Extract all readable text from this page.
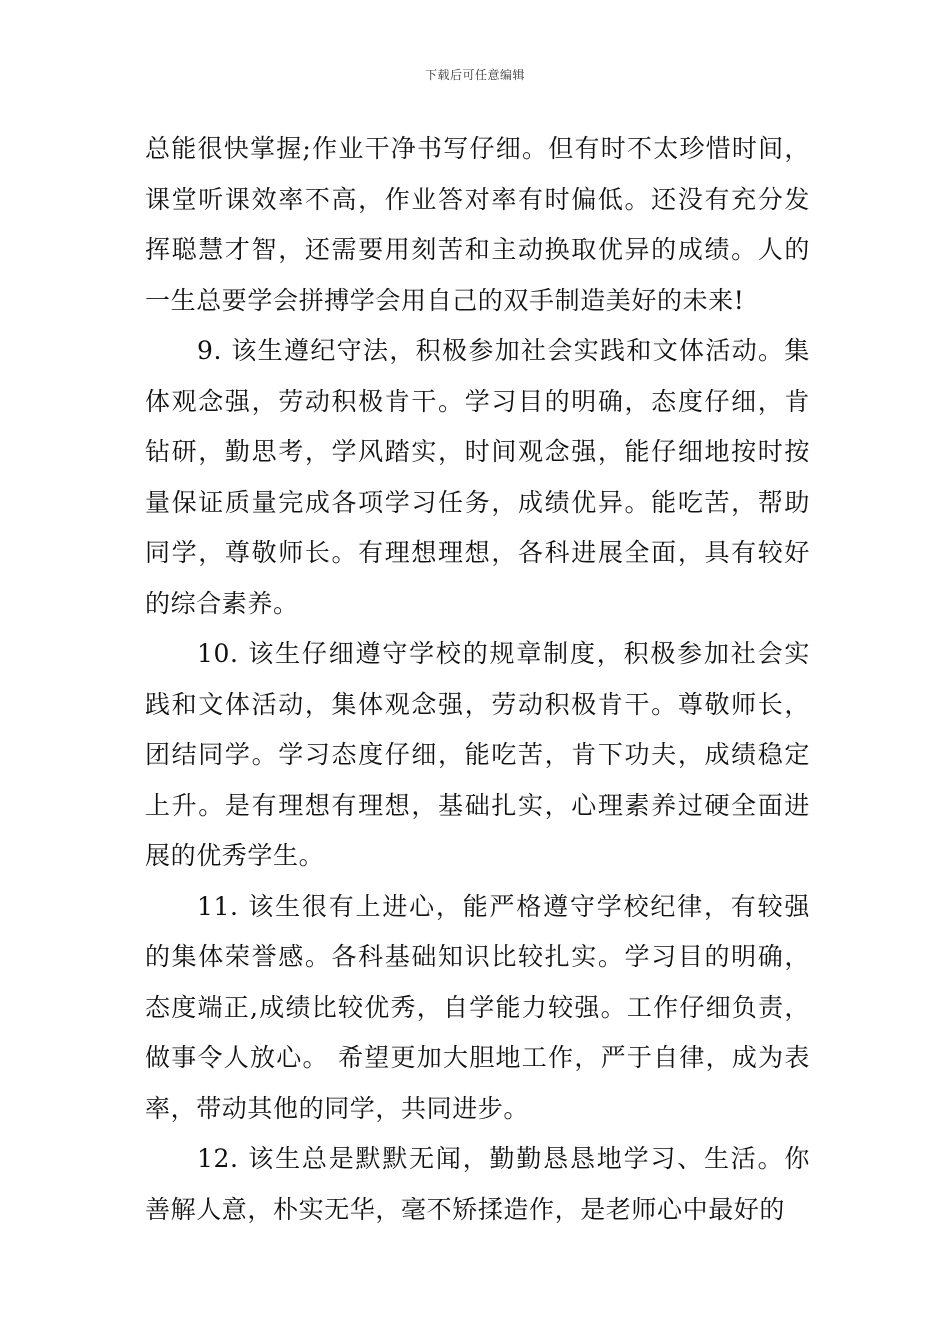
下载后可任意编辑

总能很快掌握;作业干净书写仔细。但有时不太珍惜时间，课堂听课效率不高，作业答对率有时偏低。还没有充分发挥聪慧才智，还需要用刻苦和主动换取优异的成绩。人的一生总要学会拼搏学会用自己的双手制造美好的未来!

9. 该生遵纪守法，积极参加社会实践和文体活动。集体观念强，劳动积极肯干。学习目的明确，态度仔细，肯钻研，勤思考，学风踏实，时间观念强，能仔细地按时按量保证质量完成各项学习任务，成绩优异。能吃苦，帮助同学，尊敬师长。有理想理想，各科进展全面，具有较好的综合素养。

10. 该生仔细遵守学校的规章制度，积极参加社会实践和文体活动，集体观念强，劳动积极肯干。尊敬师长，团结同学。学习态度仔细，能吃苦，肯下功夫，成绩稳定上升。是有理想有理想，基础扎实，心理素养过硬全面进展的优秀学生。

11. 该生很有上进心，能严格遵守学校纪律，有较强的集体荣誉感。各科基础知识比较扎实。学习目的明确，态度端正,成绩比较优秀，自学能力较强。工作仔细负责，做事令人放心。 希望更加大胆地工作，严于自律，成为表率，带动其他的同学，共同进步。

12. 该生总是默默无闻，勤勤恳恳地学习、生活。你善解人意，朴实无华，毫不矫揉造作，是老师心中最好的
